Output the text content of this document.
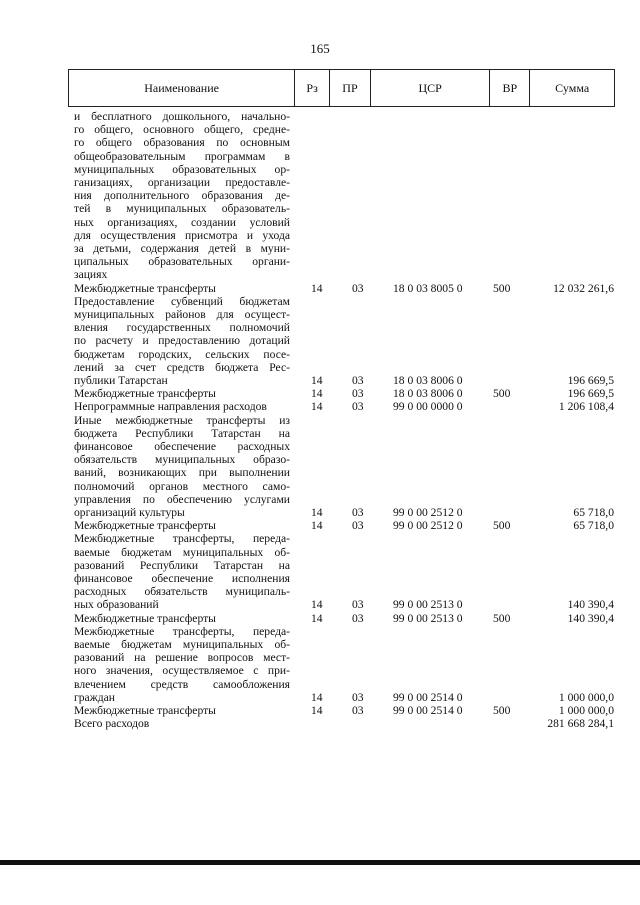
165
Наименование	Рз	ПР	ЦСР	ВР	Сумма
и бесплатного дошкольного, начально-
го общего, основного общего, средне-
го общего образования по основным
общеобразовательным программам в
муниципальных образовательных ор-
ганизациях, организации предоставле-
ния дополнительного образования де-
тей в муниципальных образователь-
ных организациях, создании условий
для осуществления присмотра и ухода
за детьми, содержания детей в муни-
ципальных образовательных органи-
зациях
Межбюджетные трансферты	14	03	18 0 03 8005 0	500	12 032 261,6
Предоставление субвенций бюджетам
муниципальных районов для осущест-
вления государственных полномочий
по расчету и предоставлению дотаций
бюджетам городских, сельских посе-
лений за счет средств бюджета Рес-
публики Татарстан	14	03	18 0 03 8006 0	196 669,5
Межбюджетные трансферты	14	03	18 0 03 8006 0	500	196 669,5
Непрограммные направления расходов	14	03	99 0 00 0000 0	1 206 108,4
Иные межбюджетные трансферты из
бюджета Республики Татарстан на
финансовое обеспечение расходных
обязательств муниципальных образо-
ваний, возникающих при выполнении
полномочий органов местного само-
управления по обеспечению услугами
организаций культуры	14	03	99 0 00 2512 0	65 718,0
Межбюджетные трансферты	14	03	99 0 00 2512 0	500	65 718,0
Межбюджетные трансферты, переда-
ваемые бюджетам муниципальных об-
разований Республики Татарстан на
финансовое обеспечение исполнения
расходных обязательств муниципаль-
ных образований	14	03	99 0 00 2513 0	140 390,4
Межбюджетные трансферты	14	03	99 0 00 2513 0	500	140 390,4
Межбюджетные трансферты, переда-
ваемые бюджетам муниципальных об-
разований на решение вопросов мест-
ного значения, осуществляемое с при-
влечением средств самообложения
граждан	14	03	99 0 00 2514 0	1 000 000,0
Межбюджетные трансферты	14	03	99 0 00 2514 0	500	1 000 000,0
Всего расходов	281 668 284,1
